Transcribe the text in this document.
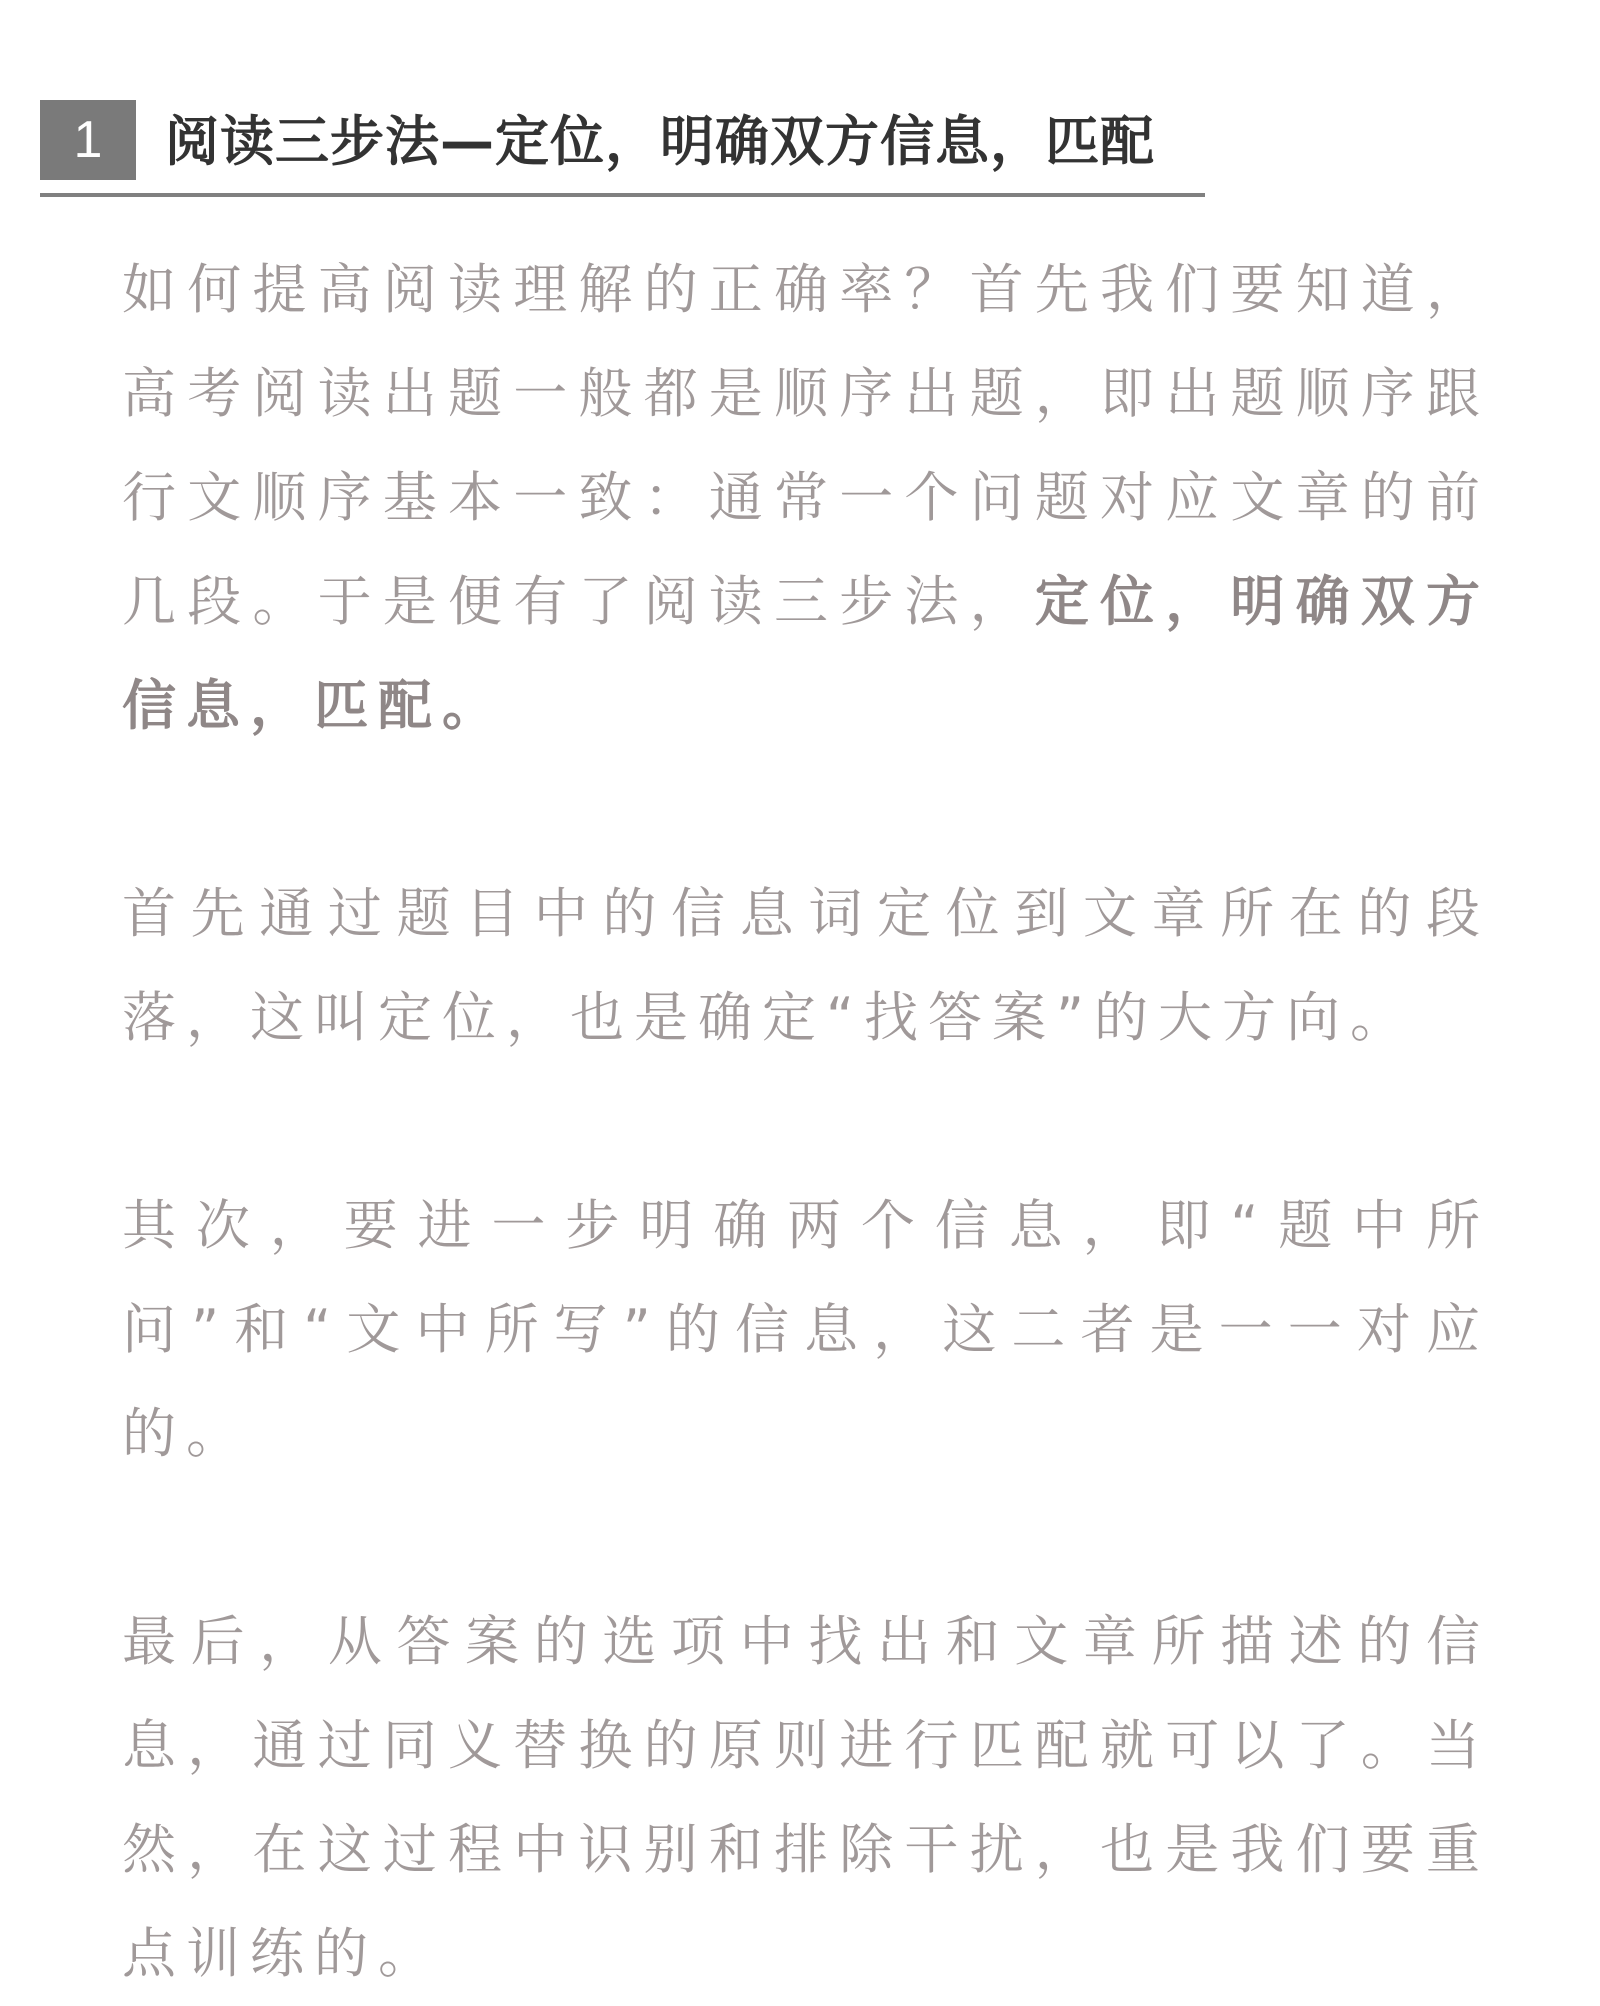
1	阅读三步法—定位，明确双方信息，匹配

如何提高阅读理解的正确率？首先我们要知道，高考阅读出题一般都是顺序出题，即出题顺序跟行文顺序基本一致：通常一个问题对应文章的前几段。于是便有了阅读三步法，定位，明确双方信息，匹配。

首先通过题目中的信息词定位到文章所在的段落，这叫定位，也是确定“找答案”的大方向。

其次，要进一步明确两个信息，即“题中所问”和“文中所写”的信息，这二者是一一对应的。

最后，从答案的选项中找出和文章所描述的信息，通过同义替换的原则进行匹配就可以了。当然，在这过程中识别和排除干扰，也是我们要重点训练的。
